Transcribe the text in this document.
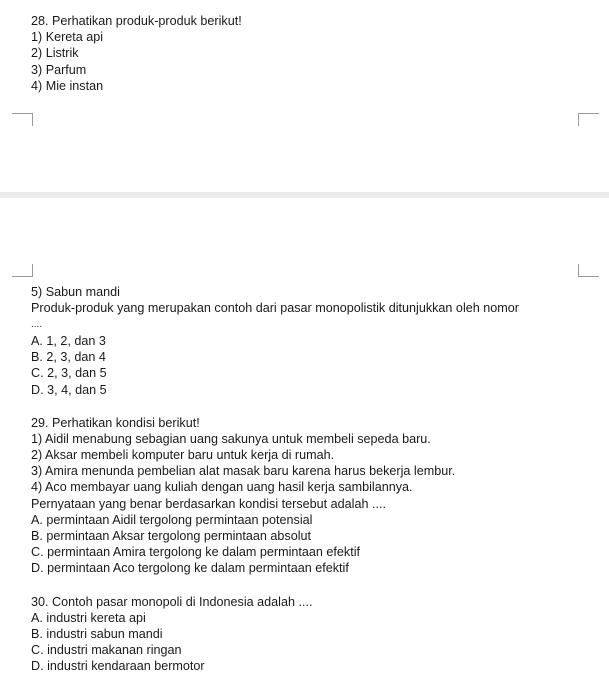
28. Perhatikan produk-produk berikut!
1) Kereta api
2) Listrik
3) Parfum
4) Mie instan
5) Sabun mandi
Produk-produk yang merupakan contoh dari pasar monopolistik ditunjukkan oleh nomor
....
A. 1, 2, dan 3
B. 2, 3, dan 4
C. 2, 3, dan 5
D. 3, 4, dan 5
29. Perhatikan kondisi berikut!
1) Aidil menabung sebagian uang sakunya untuk membeli sepeda baru.
2) Aksar membeli komputer baru untuk kerja di rumah.
3) Amira menunda pembelian alat masak baru karena harus bekerja lembur.
4) Aco membayar uang kuliah dengan uang hasil kerja sambilannya.
Pernyataan yang benar berdasarkan kondisi tersebut adalah ....
A. permintaan Aidil tergolong permintaan potensial
B. permintaan Aksar tergolong permintaan absolut
C. permintaan Amira tergolong ke dalam permintaan efektif
D. permintaan Aco tergolong ke dalam permintaan efektif
30. Contoh pasar monopoli di Indonesia adalah ....
A. industri kereta api
B. industri sabun mandi
C. industri makanan ringan
D. industri kendaraan bermotor
